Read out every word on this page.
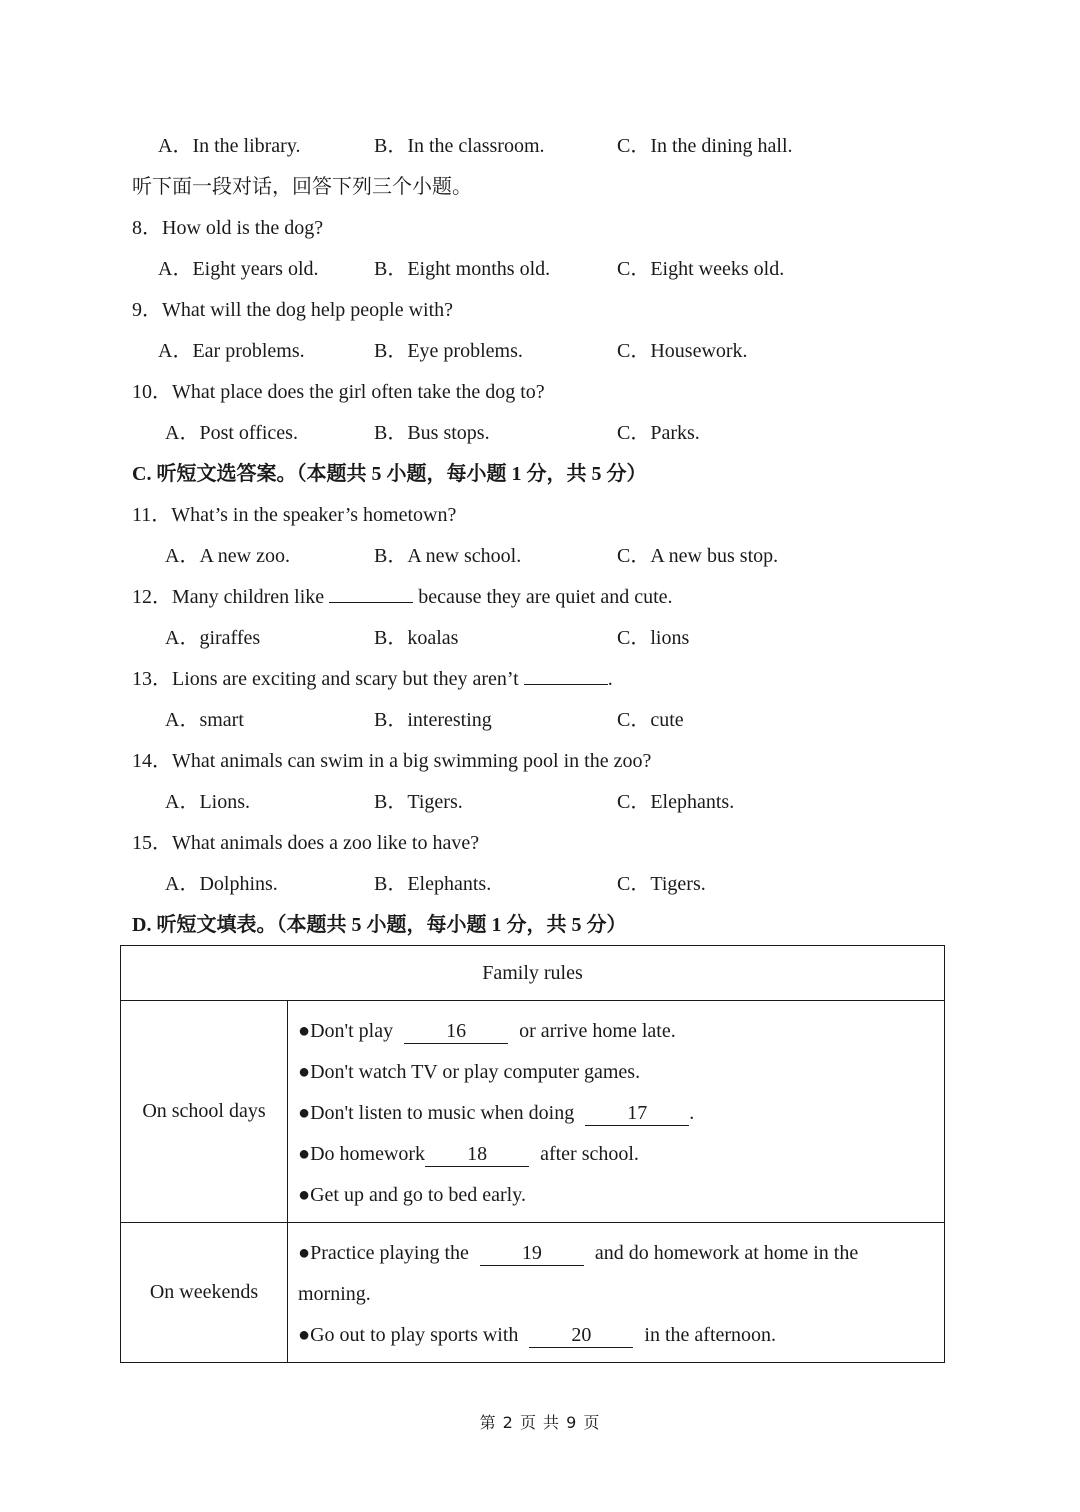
A．In the library.	B．In the classroom.	C．In the dining hall.
听下面一段对话，回答下列三个小题。
8．How old is the dog?
A．Eight years old.	B．Eight months old.	C．Eight weeks old.
9．What will the dog help people with?
A．Ear problems.	B．Eye problems.	C．Housework.
10．What place does the girl often take the dog to?
A．Post offices.	B．Bus stops.	C．Parks.
C. 听短文选答案。（本题共 5 小题，每小题 1 分，共 5 分）
11．What’s in the speaker’s hometown?
A．A new zoo.	B．A new school.	C．A new bus stop.
12．Many children like	because they are quiet and cute.
A．giraffes	B．koalas	C．lions
13．Lions are exciting and scary but they aren’t	.
A．smart	B．interesting	C．cute
14．What animals can swim in a big swimming pool in the zoo?
A．Lions.	B．Tigers.	C．Elephants.
15．What animals does a zoo like to have?
A．Dolphins.	B．Elephants.	C．Tigers.
D. 听短文填表。（本题共 5 小题，每小题 1 分，共 5 分）
Family rules	
On school days	●Don't play 16 or arrive home late.
●Don't watch TV or play computer games.
●Don't listen to music when doing 17 .
●Do homework 18 after school.
●Get up and go to bed early.

On weekends	●Practice playing the 19 and do homework at home in the
morning.
●Go out to play sports with 20 in the afternoon.
第 2 页 共 9 页
